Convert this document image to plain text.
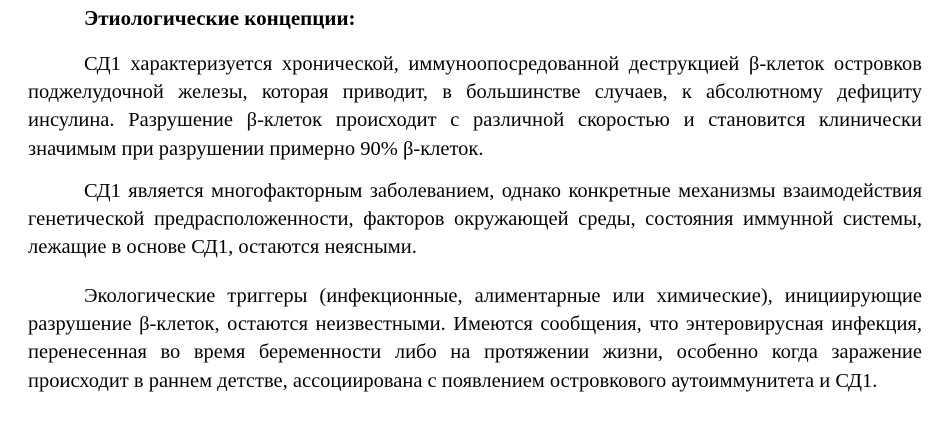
Этиологические концепции:

СД1 характеризуется хронической, иммуноопосредованной деструкцией β-клеток островков поджелудочной железы, которая приводит, в большинстве случаев, к абсолютному дефициту инсулина. Разрушение β-клеток происходит с различной скоростью и становится клинически значимым при разрушении примерно 90% β-клеток.

СД1 является многофакторным заболеванием, однако конкретные механизмы взаимодействия генетической предрасположенности, факторов окружающей среды, состояния иммунной системы, лежащие в основе СД1, остаются неясными.

Экологические триггеры (инфекционные, алиментарные или химические), инициирующие разрушение β-клеток, остаются неизвестными. Имеются сообщения, что энтеровирусная инфекция, перенесенная во время беременности либо на протяжении жизни, особенно когда заражение происходит в раннем детстве, ассоциирована с появлением островкового аутоиммунитета и СД1.
